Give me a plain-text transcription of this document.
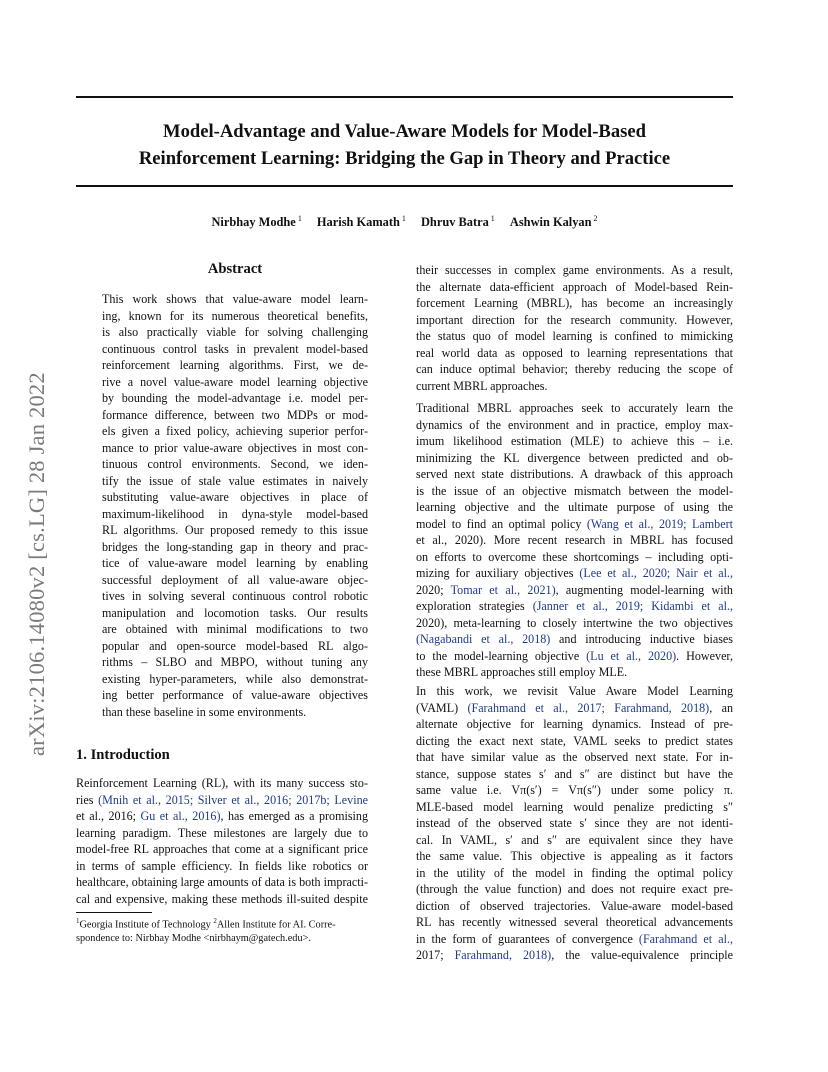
Model-Advantage and Value-Aware Models for Model-Based
Reinforcement Learning: Bridging the Gap in Theory and Practice
Nirbhay Modhe $^1$ Harish Kamath $^1$ Dhruv Batra $^1$ Ashwin Kalyan $^2$
arXiv:2106.14080v2 [cs.LG] 28 Jan 2022
Abstract
This work shows that value-aware model learn-
ing, known for its numerous theoretical benefits,
is also practically viable for solving challenging
continuous control tasks in prevalent model-based
reinforcement learning algorithms. First, we de-
rive a novel value-aware model learning objective
by bounding the model-advantage i.e. model per-
formance difference, between two MDPs or mod-
els given a fixed policy, achieving superior perfor-
mance to prior value-aware objectives in most con-
tinuous control environments. Second, we iden-
tify the issue of stale value estimates in naively
substituting value-aware objectives in place of
maximum-likelihood in dyna-style model-based
RL algorithms. Our proposed remedy to this issue
bridges the long-standing gap in theory and prac-
tice of value-aware model learning by enabling
successful deployment of all value-aware objec-
tives in solving several continuous control robotic
manipulation and locomotion tasks. Our results
are obtained with minimal modifications to two
popular and open-source model-based RL algo-
rithms – SLBO and MBPO, without tuning any
existing hyper-parameters, while also demonstrat-
ing better performance of value-aware objectives
than these baseline in some environments.
1. Introduction
Reinforcement Learning (RL), with its many success sto-
ries (Mnih et al., 2015; Silver et al., 2016; 2017b; Levine
et al., 2016; Gu et al., 2016), has emerged as a promising
learning paradigm. These milestones are largely due to
model-free RL approaches that come at a significant price
in terms of sample efficiency. In fields like robotics or
healthcare, obtaining large amounts of data is both impracti-
cal and expensive, making these methods ill-suited despite
$^1$Georgia Institute of Technology $^2$Allen Institute for AI. Corre-
spondence to: Nirbhay Modhe <nirbhaym@gatech.edu>.
their successes in complex game environments. As a result,
the alternate data-efficient approach of Model-based Rein-
forcement Learning (MBRL), has become an increasingly
important direction for the research community. However,
the status quo of model learning is confined to mimicking
real world data as opposed to learning representations that
can induce optimal behavior; thereby reducing the scope of
current MBRL approaches.
Traditional MBRL approaches seek to accurately learn the
dynamics of the environment and in practice, employ max-
imum likelihood estimation (MLE) to achieve this – i.e.
minimizing the KL divergence between predicted and ob-
served next state distributions. A drawback of this approach
is the issue of an objective mismatch between the model-
learning objective and the ultimate purpose of using the
model to find an optimal policy (Wang et al., 2019; Lambert
et al., 2020). More recent research in MBRL has focused
on efforts to overcome these shortcomings – including opti-
mizing for auxiliary objectives (Lee et al., 2020; Nair et al.,
2020; Tomar et al., 2021), augmenting model-learning with
exploration strategies (Janner et al., 2019; Kidambi et al.,
2020), meta-learning to closely intertwine the two objectives
(Nagabandi et al., 2018) and introducing inductive biases
to the model-learning objective (Lu et al., 2020). However,
these MBRL approaches still employ MLE.
In this work, we revisit Value Aware Model Learning
(VAML) (Farahmand et al., 2017; Farahmand, 2018), an
alternate objective for learning dynamics. Instead of pre-
dicting the exact next state, VAML seeks to predict states
that have similar value as the observed next state. For in-
stance, suppose states s′ and s″ are distinct but have the
same value i.e. Vπ(s′) = Vπ(s″) under some policy π.
MLE-based model learning would penalize predicting s″
instead of the observed state s′ since they are not identi-
cal. In VAML, s′ and s″ are equivalent since they have
the same value. This objective is appealing as it factors
in the utility of the model in finding the optimal policy
(through the value function) and does not require exact pre-
diction of observed trajectories. Value-aware model-based
RL has recently witnessed several theoretical advancements
in the form of guarantees of convergence (Farahmand et al.,
2017; Farahmand, 2018), the value-equivalence principle
